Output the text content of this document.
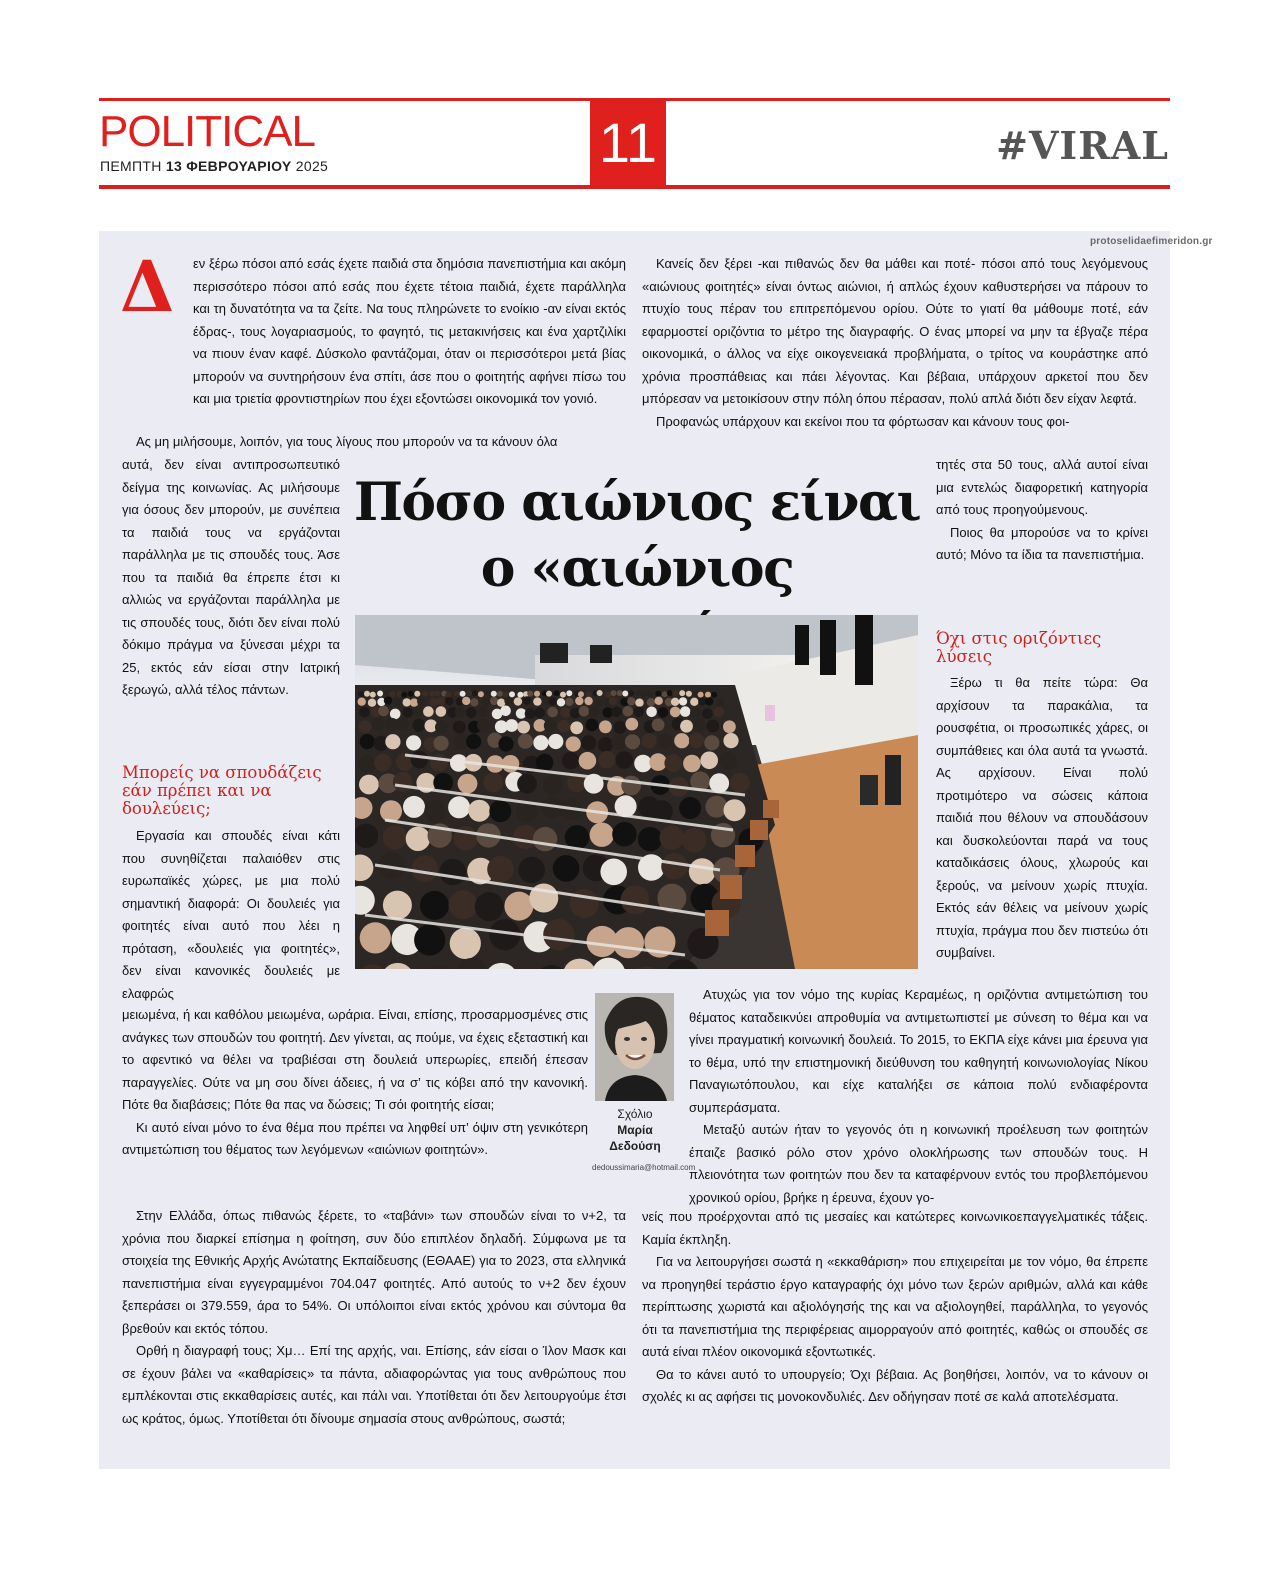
POLITICAL
ΠΕΜΠΤΗ 13 ΦΕΒΡΟΥΑΡΙΟΥ 2025	11	#VIRAL
protoselidaefimeridon.gr
Δ εν ξέρω πόσοι από εσάς έχετε παιδιά στα δημόσια πανεπιστήμια και ακόμη περισσότερο πόσοι από εσάς που έχετε τέτοια παιδιά, έχετε παράλληλα και τη δυνατότητα να τα ζείτε. Να τους πληρώνετε το ενοίκιο -αν είναι εκτός έδρας-, τους λογαριασμούς, το φαγητό, τις μετακινήσεις και ένα χαρτζιλίκι να πιουν έναν καφέ. Δύσκολο φαντάζομαι, όταν οι περισσότεροι μετά βίας μπορούν να συντηρήσουν ένα σπίτι, άσε που ο φοιτητής αφήνει πίσω του και μια τριετία φροντιστηρίων που έχει εξοντώσει οικονομικά τον γονιό.

Ας μη μιλήσουμε, λοιπόν, για τους λίγους που μπορούν να τα κάνουν όλα

αυτά, δεν είναι αντιπροσωπευτικό δείγμα της κοινωνίας. Ας μιλήσουμε για όσους δεν μπορούν, με συνέπεια τα παιδιά τους να εργάζονται παράλληλα με τις σπουδές τους. Άσε που τα παιδιά θα έπρεπε έτσι κι αλλιώς να εργάζονται παράλληλα με τις σπουδές τους, διότι δεν είναι πολύ δόκιμο πράγμα να ξύνεσαι μέχρι τα 25, εκτός εάν είσαι στην Ιατρική ξερωγώ, αλλά τέλος πάντων.

Μπορείς να σπουδάζεις εάν πρέπει και να δουλεύεις;

Εργασία και σπουδές είναι κάτι που συνηθίζεται παλαιόθεν στις ευρωπαϊκές χώρες, με μια πολύ σημαντική διαφορά: Οι δουλειές για φοιτητές είναι αυτό που λέει η πρόταση, «δουλειές για φοιτητές», δεν είναι κανονικές δουλειές με ελαφρώς

μειωμένα, ή και καθόλου μειωμένα, ωράρια. Είναι, επίσης, προσαρμοσμένες στις ανάγκες των σπουδών του φοιτητή. Δεν γίνεται, ας πούμε, να έχεις εξεταστική και το αφεντικό να θέλει να τραβιέσαι στη δουλειά υπερωρίες, επειδή έπεσαν παραγγελίες. Ούτε να μη σου δίνει άδειες, ή να σ’ τις κόβει από την κανονική. Πότε θα διαβάσεις; Πότε θα πας να δώσεις; Τι σόι φοιτητής είσαι;

Κι αυτό είναι μόνο το ένα θέμα που πρέπει να ληφθεί υπ’ όψιν στη γενικότερη αντιμετώπιση του θέματος των λεγόμενων «αιώνιων φοιτητών».

Στην Ελλάδα, όπως πιθανώς ξέρετε, το «ταβάνι» των σπουδών είναι το ν+2, τα χρόνια που διαρκεί επίσημα η φοίτηση, συν δύο επιπλέον δηλαδή. Σύμφωνα με τα στοιχεία της Εθνικής Αρχής Ανώτατης Εκπαίδευσης (ΕΘΑΑΕ) για το 2023, στα ελληνικά πανεπιστήμια είναι εγγεγραμμένοι 704.047 φοιτητές. Από αυτούς το ν+2 δεν έχουν ξεπεράσει οι 379.559, άρα το 54%. Οι υπόλοιποι είναι εκτός χρόνου και σύντομα θα βρεθούν και εκτός τόπου.

Ορθή η διαγραφή τους; Χμ… Επί της αρχής, ναι. Επίσης, εάν είσαι ο Ίλον Μασκ και σε έχουν βάλει να «καθαρίσεις» τα πάντα, αδιαφορώντας για τους ανθρώπους που εμπλέκονται στις εκκαθαρίσεις αυτές, και πάλι ναι. Υποτίθεται ότι δεν λειτουργούμε έτσι ως κράτος, όμως. Υποτίθεται ότι δίνουμε σημασία στους ανθρώπους, σωστά;

Κανείς δεν ξέρει -και πιθανώς δεν θα μάθει και ποτέ- πόσοι από τους λεγόμενους «αιώνιους φοιτητές» είναι όντως αιώνιοι, ή απλώς έχουν καθυστερήσει να πάρουν το πτυχίο τους πέραν του επιτρεπόμενου ορίου. Ούτε το γιατί θα μάθουμε ποτέ, εάν εφαρμοστεί οριζόντια το μέτρο της διαγραφής. Ο ένας μπορεί να μην τα έβγαζε πέρα οικονομικά, ο άλλος να είχε οικογενειακά προβλήματα, ο τρίτος να κουράστηκε από χρόνια προσπάθειας και πάει λέγοντας. Και βέβαια, υπάρχουν αρκετοί που δεν μπόρεσαν να μετοικίσουν στην πόλη όπου πέρασαν, πολύ απλά διότι δεν είχαν λεφτά.

Προφανώς υπάρχουν και εκείνοι που τα φόρτωσαν και κάνουν τους φοι-

τητές στα 50 τους, αλλά αυτοί είναι μια εντελώς διαφορετική κατηγορία από τους προηγούμενους.

Ποιος θα μπορούσε να το κρίνει αυτό; Μόνο τα ίδια τα πανεπιστήμια.

Όχι στις οριζόντιες λύσεις

Ξέρω τι θα πείτε τώρα: Θα αρχίσουν τα παρακάλια, τα ρουσφέτια, οι προσωπικές χάρες, οι συμπάθειες και όλα αυτά τα γνωστά. Ας αρχίσουν. Είναι πολύ προτιμότερο να σώσεις κάποια παιδιά που θέλουν να σπουδάσουν και δυσκολεύονται παρά να τους καταδικάσεις όλους, χλωρούς και ξερούς, να μείνουν χωρίς πτυχία. Εκτός εάν θέλεις να μείνουν χωρίς πτυχία, πράγμα που δεν πιστεύω ότι συμβαίνει.

Ατυχώς για τον νόμο της κυρίας Κεραμέως, η οριζόντια αντιμετώπιση του θέματος καταδεικνύει απροθυμία να αντιμετωπιστεί με σύνεση το θέμα και να γίνει πραγματική κοινωνική δουλειά. Το 2015, το ΕΚΠΑ είχε κάνει μια έρευνα για το θέμα, υπό την επιστημονική διεύθυνση του καθηγητή κοινωνιολογίας Νίκου Παναγιωτόπουλου, και είχε καταλήξει σε κάποια πολύ ενδιαφέροντα συμπεράσματα.

Μεταξύ αυτών ήταν το γεγονός ότι η κοινωνική προέλευση των φοιτητών έπαιζε βασικό ρόλο στον χρόνο ολοκλήρωσης των σπουδών τους. Η πλειονότητα των φοιτητών που δεν τα καταφέρνουν εντός του προβλεπόμενου χρονικού ορίου, βρήκε η έρευνα, έχουν γο-

νείς που προέρχονται από τις μεσαίες και κατώτερες κοινωνικοεπαγγελματικές τάξεις. Καμία έκπληξη.

Για να λειτουργήσει σωστά η «εκκαθάριση» που επιχειρείται με τον νόμο, θα έπρεπε να προηγηθεί τεράστιο έργο καταγραφής όχι μόνο των ξερών αριθμών, αλλά και κάθε περίπτωσης χωριστά και αξιολόγησής της και να αξιολογηθεί, παράλληλα, το γεγονός ότι τα πανεπιστήμια της περιφέρειας αιμορραγούν από φοιτητές, καθώς οι σπουδές σε αυτά είναι πλέον οικονομικά εξοντωτικές.

Θα το κάνει αυτό το υπουργείο; Όχι βέβαια. Ας βοηθήσει, λοιπόν, να το κάνουν οι σχολές κι ας αφήσει τις μονοκονδυλιές. Δεν οδήγησαν ποτέ σε καλά αποτελέσματα.

Πόσο αιώνιος είναι
ο «αιώνιος
Σχόλιο
Μαρία
Δεδούση
dedoussimaria@hotmail.com
